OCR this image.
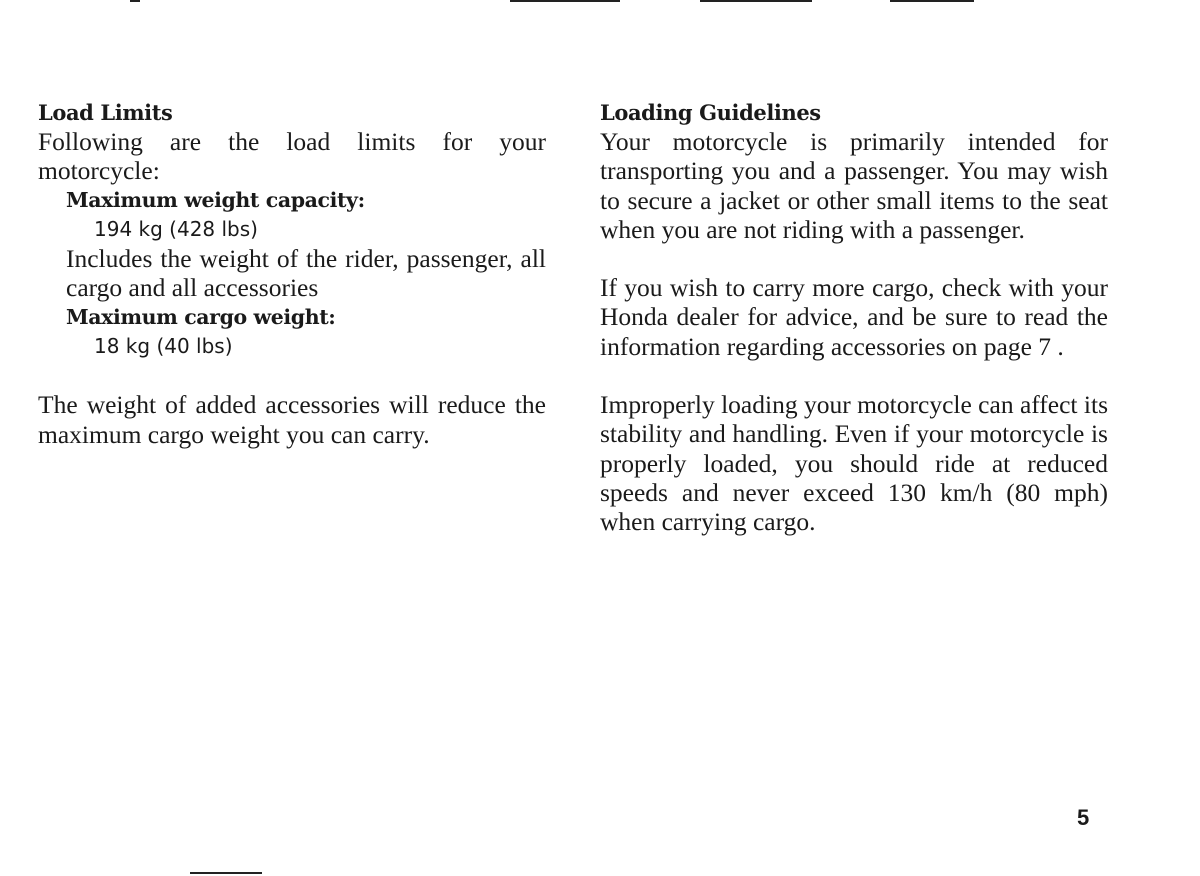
Load Limits

Following are the load limits for your motorcycle:

Maximum weight capacity:

194 kg (428 lbs)

Includes the weight of the rider, passenger, all cargo and all accessories

Maximum cargo weight:

18 kg (40 lbs)

The weight of added accessories will reduce the maximum cargo weight you can carry.

Loading Guidelines

Your motorcycle is primarily intended for transporting you and a passenger. You may wish to secure a jacket or other small items to the seat when you are not riding with a passenger.

If you wish to carry more cargo, check with your Honda dealer for advice, and be sure to read the information regarding accessories on page 7 .

Improperly loading your motorcycle can affect its stability and handling. Even if your motorcycle is properly loaded, you should ride at reduced speeds and never exceed 130 km/h (80 mph) when carrying cargo.

5
